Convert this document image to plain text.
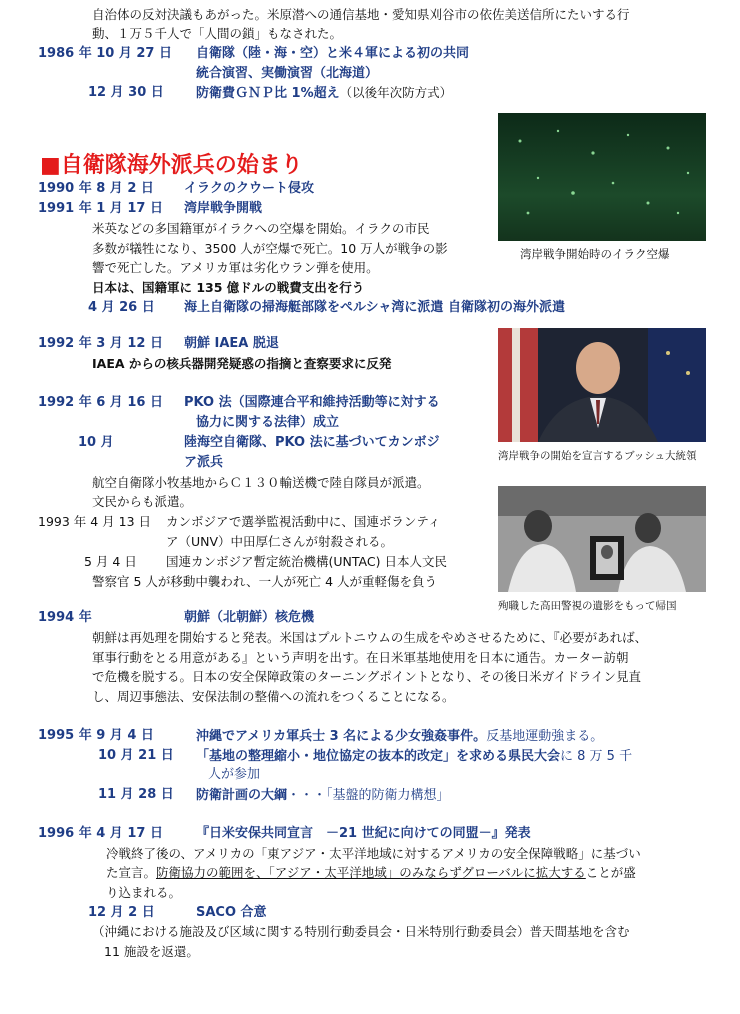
自治体の反対決議もあがった。米原潜への通信基地・愛知県刈谷市の依佐美送信所にたいする行
動、１万５千人で「人間の鎖」もなされた。
1986 年 10 月 27 日 自衛隊（陸・海・空）と米４軍による初の共同
統合演習、実働演習（北海道）
12 月 30 日 防衛費ＧＮＰ比 1%超え（以後年次防方式）
■自衛隊海外派兵の始まり
1990 年 8 月 2 日 イラクのクウート侵攻
1991 年 1 月 17 日 湾岸戦争開戦
米英などの多国籍軍がイラクへの空爆を開始。イラクの市民
多数が犠牲になり、3500 人が空爆で死亡。10 万人が戦争の影
響で死亡した。アメリカ軍は劣化ウラン弾を使用。
日本は、国籍軍に 135 億ドルの戦費支出を行う
4 月 26 日 海上自衛隊の掃海艇部隊をペルシャ湾に派遣 自衛隊初の海外派遣
1992 年 3 月 12 日 朝鮮 IAEA 脱退
IAEA からの核兵器開発疑惑の指摘と査察要求に反発
1992 年 6 月 16 日 PKO 法（国際連合平和維持活動等に対する
協力に関する法律）成立
10 月	陸海空自衛隊、PKO 法に基づいてカンボジ
ア派兵
航空自衛隊小牧基地からＣ１３０輸送機で陸自隊員が派遣。
文民からも派遣。
1993 年 4 月 13 日 カンボジアで選挙監視活動中に、国連ボランティ
ア（UNV）中田厚仁さんが射殺される。
5 月 4 日 国連カンボジア暫定統治機構(UNTAC) 日本人文民
警察官 5 人が移動中襲われ、一人が死亡 4 人が重軽傷を負う
1994 年	朝鮮（北朝鮮）核危機
朝鮮は再処理を開始すると発表。米国はプルトニウムの生成をやめさせるために、『必要があれば、
軍事行動をとる用意がある』という声明を出す。在日米軍基地使用を日本に通告。カーター訪朝
で危機を脱する。日本の安全保障政策のターニングポイントとなり、その後日米ガイドライン見直
し、周辺事態法、安保法制の整備への流れをつくることになる。
1995 年 9 月 4 日	沖縄でアメリカ軍兵士 3 名による少女強姦事件。反基地運動強まる。
10 月 21 日 「基地の整理縮小・地位協定の抜本的改定」を求める県民大会に 8 万 5 千
人が参加
11 月 28 日 防衛計画の大綱・・・「基盤的防衛力構想」
1996 年 4 月 17 日	『日米安保共同宣言　－21 世紀に向けての同盟－』発表
冷戦終了後の、アメリカの「東アジア・太平洋地域に対するアメリカの安全保障戦略」に基づい
た宣言。防衛協力の範囲を、「アジア・太平洋地域」のみならずグローバルに拡大することが盛
り込まれる。
12 月 2 日	SACO 合意
（沖縄における施設及び区域に関する特別行動委員会・日米特別行動委員会）普天間基地を含む
11 施設を返還。
湾岸戦争開始時のイラク空爆
湾岸戦争の開始を宣言するブッシュ大統領
殉職した高田警視の遺影をもって帰国
